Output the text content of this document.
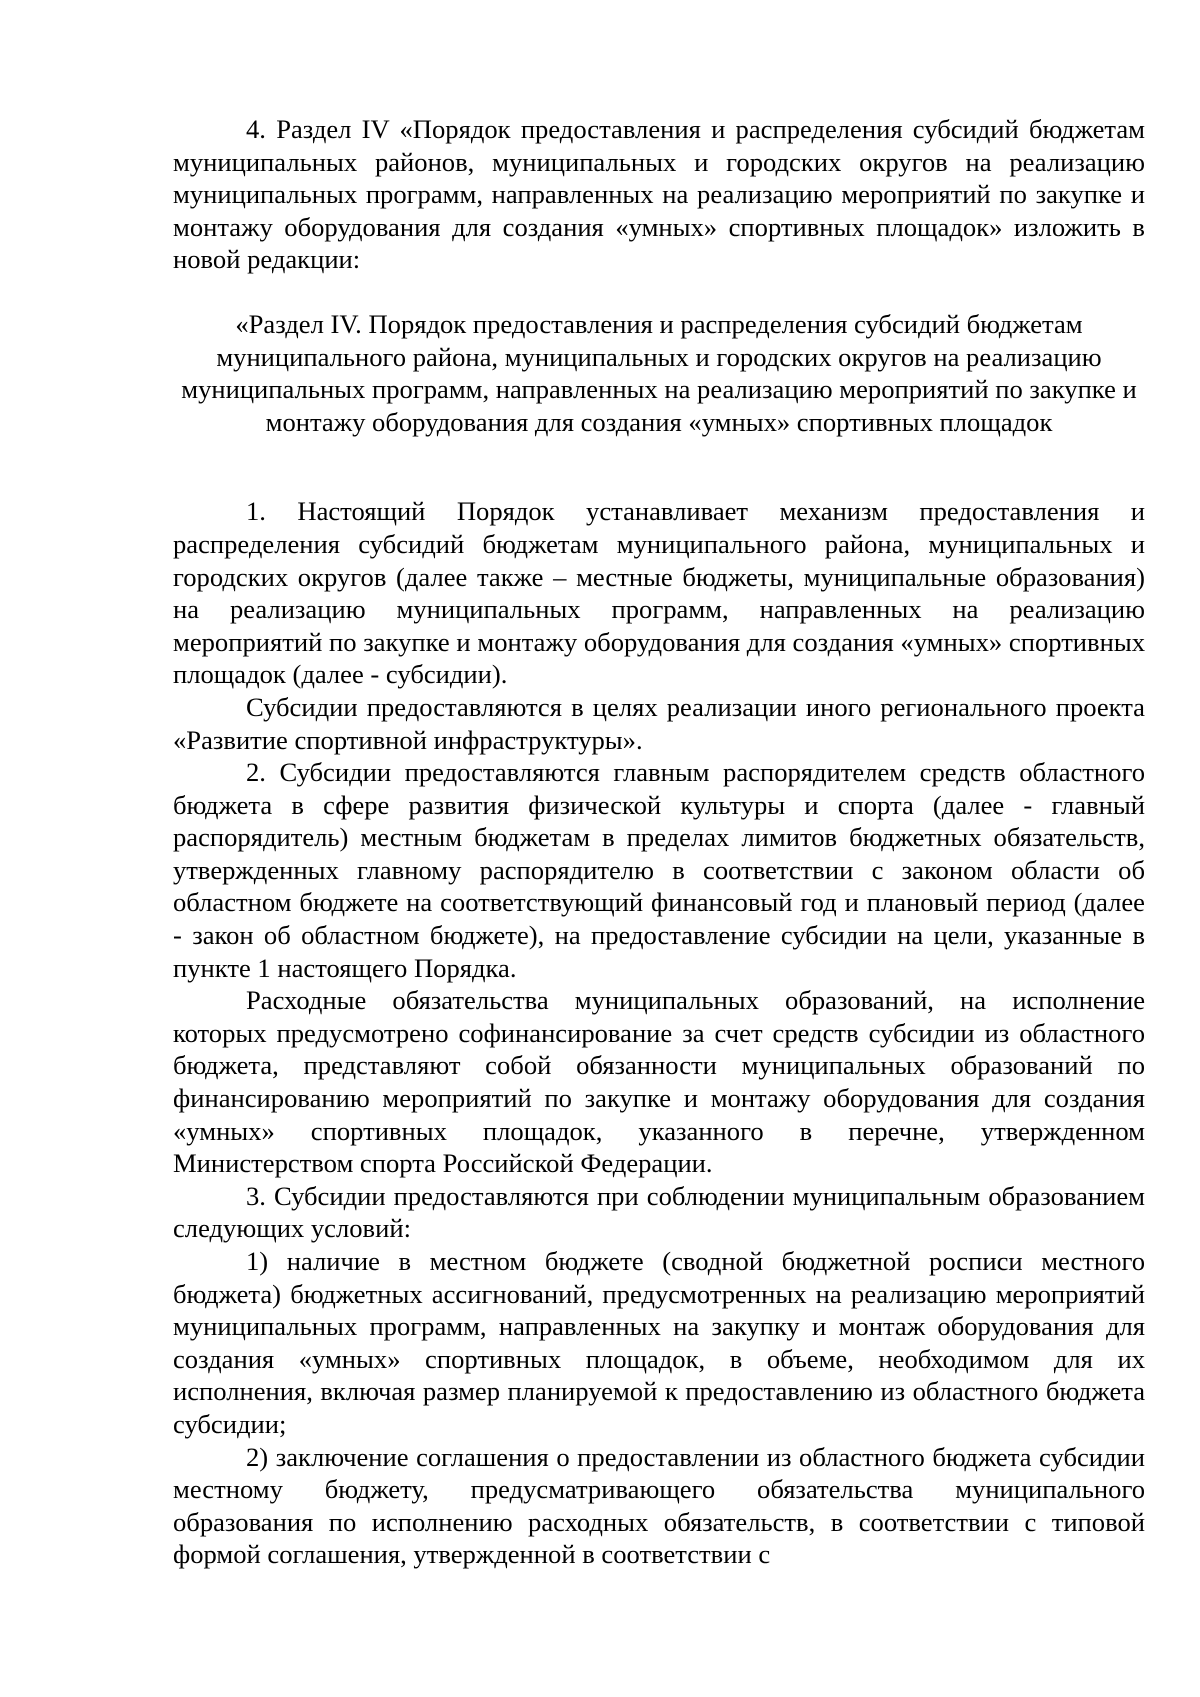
4. Раздел IV «Порядок предоставления и распределения субсидий бюджетам муниципальных районов, муниципальных и городских округов на реализацию муниципальных программ, направленных на реализацию мероприятий по закупке и монтажу оборудования для создания «умных» спортивных площадок» изложить в новой редакции:

«Раздел IV. Порядок предоставления и распределения субсидий бюджетам муниципального района, муниципальных и городских округов на реализацию муниципальных программ, направленных на реализацию мероприятий по закупке и монтажу оборудования для создания «умных» спортивных площадок

1. Настоящий Порядок устанавливает механизм предоставления и распределения субсидий бюджетам муниципального района, муниципальных и городских округов (далее также – местные бюджеты, муниципальные образования) на реализацию муниципальных программ, направленных на реализацию мероприятий по закупке и монтажу оборудования для создания «умных» спортивных площадок (далее - субсидии).

Субсидии предоставляются в целях реализации иного регионального проекта «Развитие спортивной инфраструктуры».

2. Субсидии предоставляются главным распорядителем средств областного бюджета в сфере развития физической культуры и спорта (далее - главный распорядитель) местным бюджетам в пределах лимитов бюджетных обязательств, утвержденных главному распорядителю в соответствии с законом области об областном бюджете на соответствующий финансовый год и плановый период (далее - закон об областном бюджете), на предоставление субсидии на цели, указанные в пункте 1 настоящего Порядка.

Расходные обязательства муниципальных образований, на исполнение которых предусмотрено софинансирование за счет средств субсидии из областного бюджета, представляют собой обязанности муниципальных образований по финансированию мероприятий по закупке и монтажу оборудования для создания «умных» спортивных площадок, указанного в перечне, утвержденном Министерством спорта Российской Федерации.

3. Субсидии предоставляются при соблюдении муниципальным образованием следующих условий:

1) наличие в местном бюджете (сводной бюджетной росписи местного бюджета) бюджетных ассигнований, предусмотренных на реализацию мероприятий муниципальных программ, направленных на закупку и монтаж оборудования для создания «умных» спортивных площадок, в объеме, необходимом для их исполнения, включая размер планируемой к предоставлению из областного бюджета субсидии;

2) заключение соглашения о предоставлении из областного бюджета субсидии местному бюджету, предусматривающего обязательства муниципального образования по исполнению расходных обязательств, в соответствии с типовой формой соглашения, утвержденной в соответствии с
